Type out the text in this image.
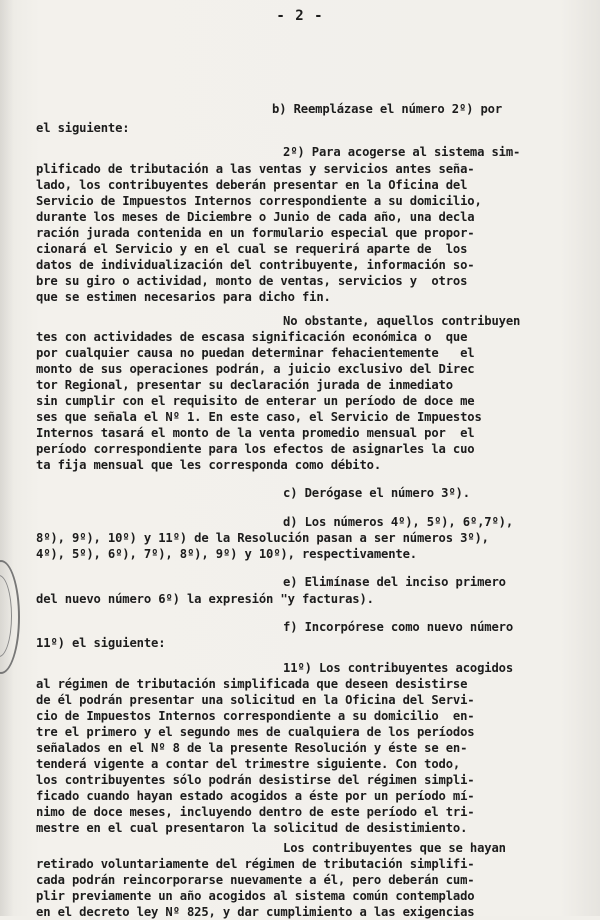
- 2 -
b) Reemplázase el número 2º) por
el siguiente:
2º) Para acogerse al sistema sim-
plificado de tributación a las ventas y servicios antes seña-
lado, los contribuyentes deberán presentar en la Oficina del
Servicio de Impuestos Internos correspondiente a su domicilio,
durante los meses de Diciembre o Junio de cada año, una decla
ración jurada contenida en un formulario especial que propor-
cionará el Servicio y en el cual se requerirá aparte de  los
datos de individualización del contribuyente, información so-
bre su giro o actividad, monto de ventas, servicios y  otros
que se estimen necesarios para dicho fin.
No obstante, aquellos contribuyen
tes con actividades de escasa significación económica o  que
por cualquier causa no puedan determinar fehacientemente   el
monto de sus operaciones podrán, a juicio exclusivo del Direc
tor Regional, presentar su declaración jurada de inmediato
sin cumplir con el requisito de enterar un período de doce me
ses que señala el Nº 1. En este caso, el Servicio de Impuestos
Internos tasará el monto de la venta promedio mensual por  el
período correspondiente para los efectos de asignarles la cuo
ta fija mensual que les corresponda como débito.
c) Derógase el número 3º).
d) Los números 4º), 5º), 6º,7º),
8º), 9º), 10º) y 11º) de la Resolución pasan a ser números 3º),
4º), 5º), 6º), 7º), 8º), 9º) y 10º), respectivamente.
e) Elimínase del inciso primero
del nuevo número 6º) la expresión "y facturas).
f) Incorpórese como nuevo número
11º) el siguiente:
11º) Los contribuyentes acogidos
al régimen de tributación simplificada que deseen desistirse
de él podrán presentar una solicitud en la Oficina del Servi-
cio de Impuestos Internos correspondiente a su domicilio  en-
tre el primero y el segundo mes de cualquiera de los períodos
señalados en el Nº 8 de la presente Resolución y éste se en-
tenderá vigente a contar del trimestre siguiente. Con todo,
los contribuyentes sólo podrán desistirse del régimen simpli-
ficado cuando hayan estado acogidos a éste por un período mí-
nimo de doce meses, incluyendo dentro de este período el tri-
mestre en el cual presentaron la solicitud de desistimiento.
Los contribuyentes que se hayan
retirado voluntariamente del régimen de tributación simplifi-
cada podrán reincorporarse nuevamente a él, pero deberán cum-
plir previamente un año acogidos al sistema común contemplado
en el decreto ley Nº 825, y dar cumplimiento a las exigencias
